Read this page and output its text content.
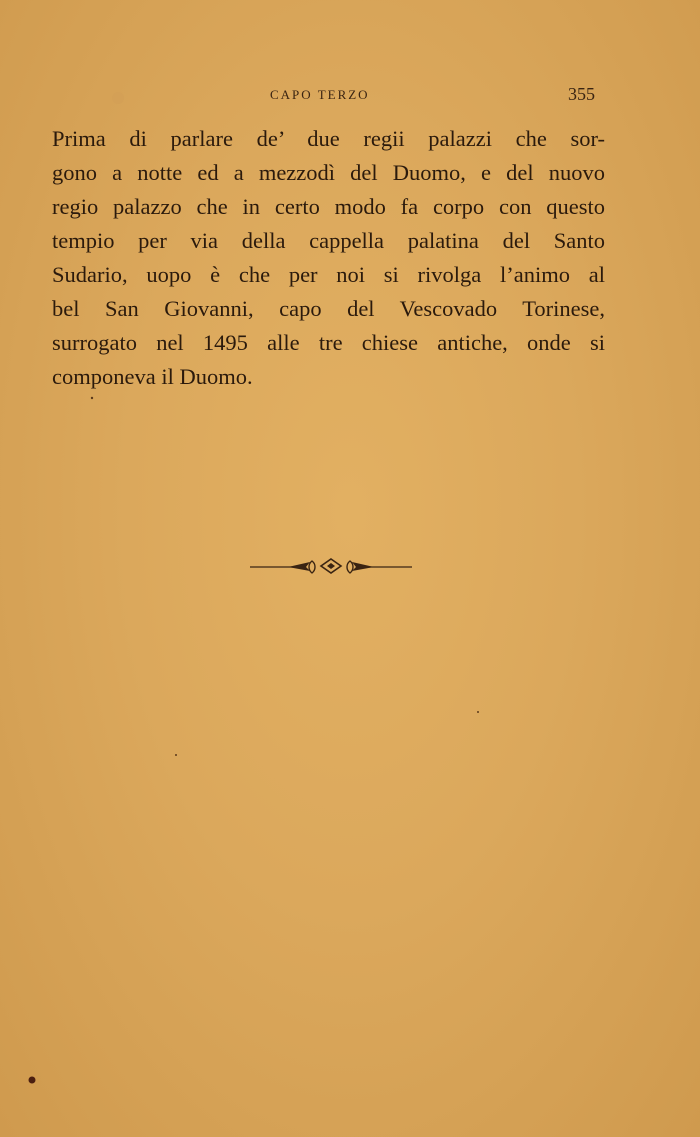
CAPO TERZO	355
Prima di parlare de’ due regii palazzi che sor-
gono a notte ed a mezzodì del Duomo, e del nuovo
regio palazzo che in certo modo fa corpo con questo
tempio per via della cappella palatina del Santo
Sudario, uopo è che per noi si rivolga l’animo al
bel San Giovanni, capo del Vescovado Torinese,
surrogato nel 1495 alle tre chiese antiche, onde si
componeva il Duomo.
